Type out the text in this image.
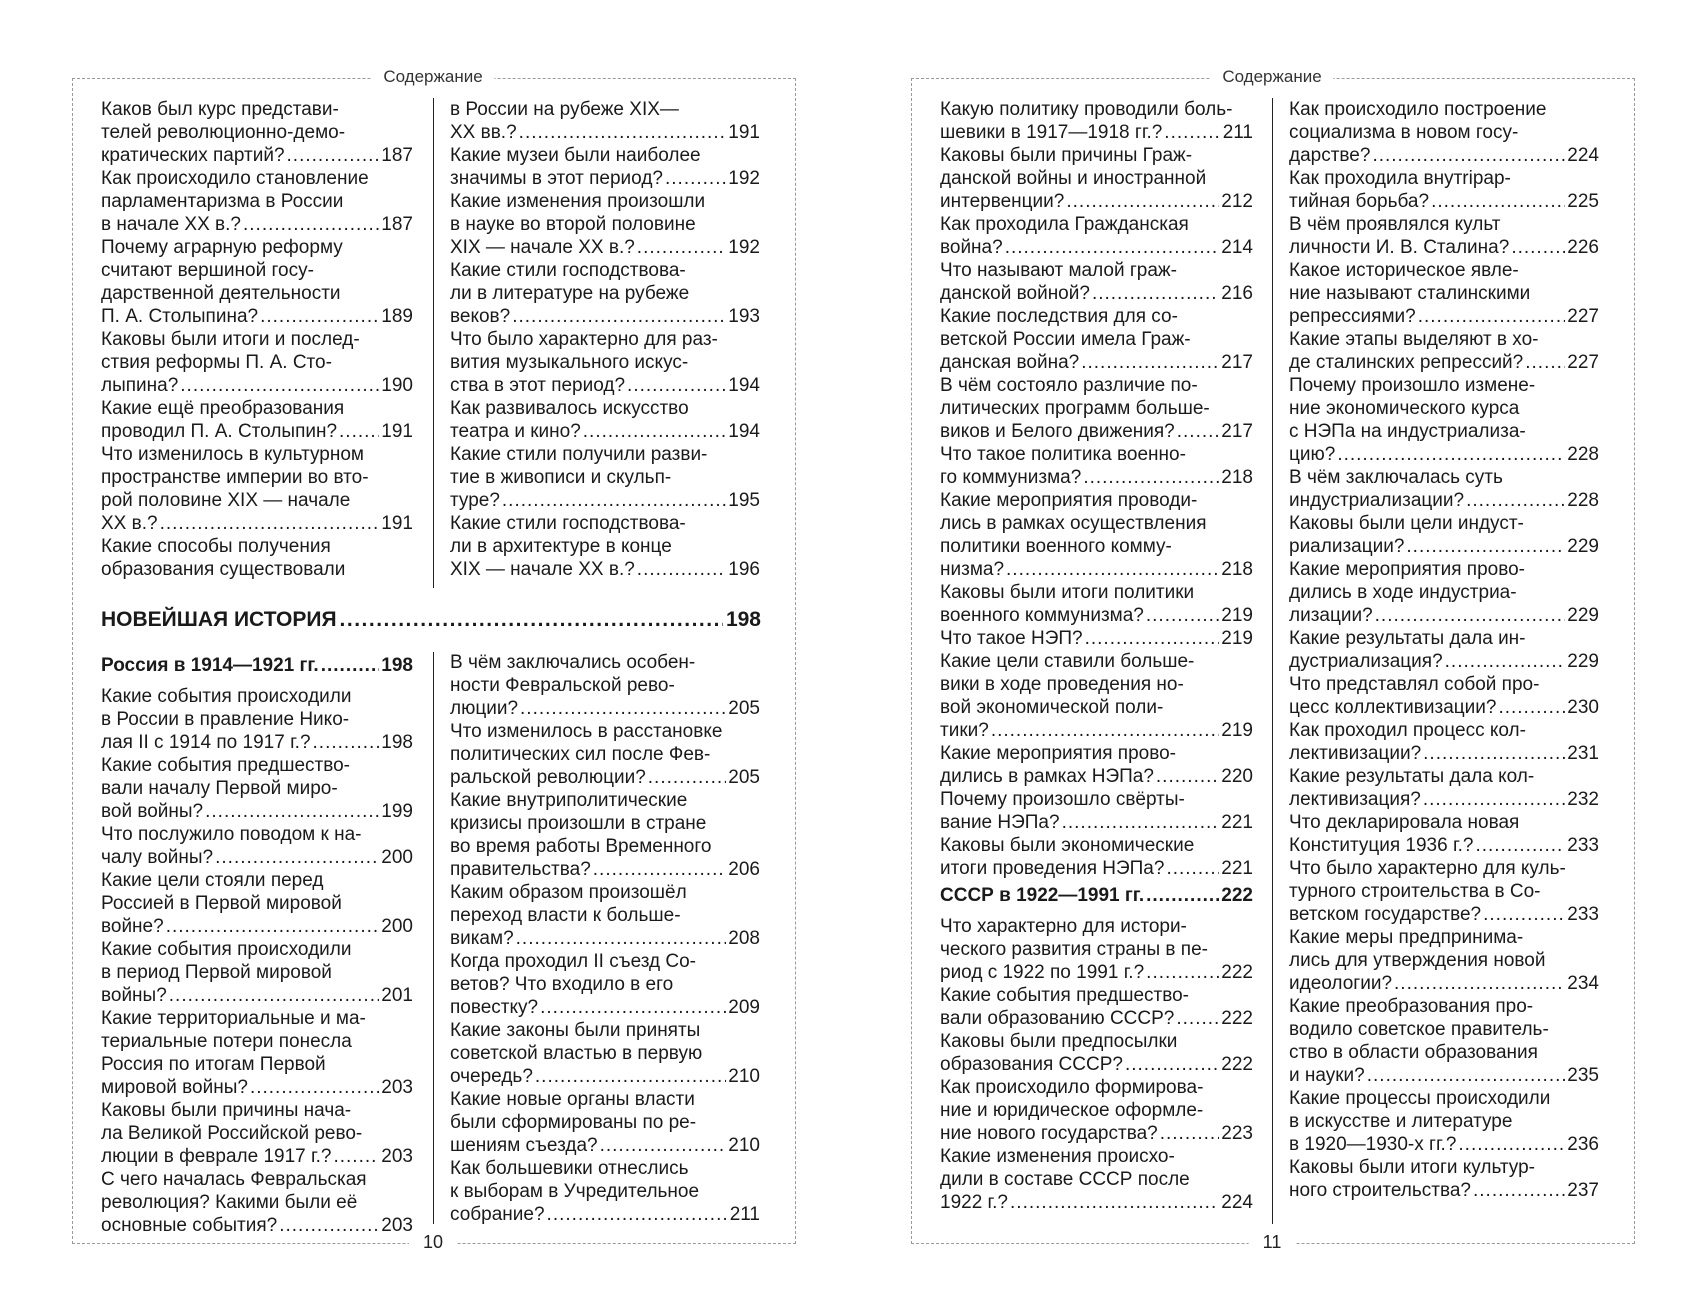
Содержание
10
Каков был курс представи-
телей революционно-демо-
кратических партий? .....	187
Как происходило становление
парламентаризма в России
в начале XX в.? .....	187
Почему аграрную реформу
считают вершиной госу-
дарственной деятельности
П. А. Столыпина? .....	189
Каковы были итоги и послед-
ствия реформы П. А. Сто-
лыпина? .....	190
Какие ещё преобразования
проводил П. А. Столыпин? ..... 191
Что изменилось в культурном
пространстве империи во вто-
рой половине XIX — начале
XX в.? .....	191
Какие способы получения
образования существовали
в России на рубеже XIX—
XX вв.? .....	191
Какие музеи были наиболее
значимы в этот период? .....	192
Какие изменения произошли
в науке во второй половине
XIX — начале XX в.? .....	192
Какие стили господствова-
ли в литературе на рубеже
веков? .....	193
Что было характерно для раз-
вития музыкального искус-
ства в этот период? .....	194
Как развивалось искусство
театра и кино? .....	194
Какие стили получили разви-
тие в живописи и скульп-
туре? .....	195
Какие стили господствова-
ли в архитектуре в конце
XIX — начале XX в.? .....	196
НОВЕЙШАЯ ИСТОРИЯ .....	198
Россия в 1914—1921 гг. .....	198
Какие события происходили
в России в правление Нико-
лая II с 1914 по 1917 г.? .....	198
Какие события предшество-
вали началу Первой миро-
вой войны? .....	199
Что послужило поводом к на-
чалу войны? .....	200
Какие цели стояли перед
Россией в Первой мировой
войне? .....	200
Какие события происходили
в период Первой мировой
войны? .....	201
Какие территориальные и ма-
териальные потери понесла
Россия по итогам Первой
мировой войны? .....	203
Каковы были причины нача-
ла Великой Российской рево-
люции в феврале 1917 г.? .....	203
С чего началась Февральская
революция? Какими были её
основные события? .....	203
В чём заключались особен-
ности Февральской рево-
люции? .....	205
Что изменилось в расстановке
политических сил после Фев-
ральской революции? .....	205
Какие внутриполитические
кризисы произошли в стране
во время работы Временного
правительства? .....	206
Каким образом произошёл
переход власти к больше-
викам? .....	208
Когда проходил II съезд Со-
ветов? Что входило в его
повестку? .....	209
Какие законы были приняты
советской властью в первую
очередь? .....	210
Какие новые органы власти
были сформированы по ре-
шениям съезда? .....	210
Как большевики отнеслись
к выборам в Учредительное
собрание? .....	211
Содержание
11
Какую политику проводили боль-
шевики в 1917—1918 гг.? .....	211
Каковы были причины Граж-
данской войны и иностранной
интервенции? .....	212
Как проходила Гражданская
война? .....	214
Что называют малой граж-
данской войной? .....	216
Какие последствия для со-
ветской России имела Граж-
данская война? .....	217
В чём состояло различие по-
литических программ больше-
виков и Белого движения? ..... 217
Что такое политика военно-
го коммунизма? .....	218
Какие мероприятия проводи-
лись в рамках осуществления
политики военного комму-
низма? .....	218
Каковы были итоги политики
военного коммунизма? .....	219
Что такое НЭП? .....	219
Какие цели ставили больше-
вики в ходе проведения но-
вой экономической поли-
тики? .....	219
Какие мероприятия прово-
дились в рамках НЭПа? .....	220
Почему произошло свёрты-
вание НЭПа? .....	221
Каковы были экономические
итоги проведения НЭПа? .....	221
СССР в 1922—1991 гг. .....	222
Что характерно для истори-
ческого развития страны в пе-
риод с 1922 по 1991 г.? .....	222
Какие события предшество-
вали образованию СССР? ..... 222
Каковы были предпосылки
образования СССР? .....	222
Как происходило формирова-
ние и юридическое оформле-
ние нового государства? .....	223
Какие изменения происхо-
дили в составе СССР после
1922 г.? .....	224
Как происходило построение
социализма в новом госу-
дарстве? .....	224
Как проходила внутripар-
тийная борьба? .....	225
В чём проявлялся культ
личности И. В. Сталина? .....	226
Какое историческое явле-
ние называют сталинскими
репрессиями? .....	227
Какие этапы выделяют в хо-
де сталинских репрессий? ..... 227
Почему произошло измене-
ние экономического курса
с НЭПа на индустриализа-
цию? .....	228
В чём заключалась суть
индустриализации? .....	228
Каковы были цели индуст-
риализации? .....	229
Какие мероприятия прово-
дились в ходе индустриа-
лизации? .....	229
Какие результаты дала ин-
дустриализация? .....	229
Что представлял собой про-
цесс коллективизации? .....	230
Как проходил процесс кол-
лективизации? .....	231
Какие результаты дала кол-
лективизация? .....	232
Что декларировала новая
Конституция 1936 г.? .....	233
Что было характерно для куль-
турного строительства в Со-
ветском государстве? .....	233
Какие меры предпринима-
лись для утверждения новой
идеологии? .....	234
Какие преобразования про-
водило советское правитель-
ство в области образования
и науки? .....	235
Какие процессы происходили
в искусстве и литературе
в 1920—1930-х гг.? .....	236
Каковы были итоги культур-
ного строительства? .....	237
